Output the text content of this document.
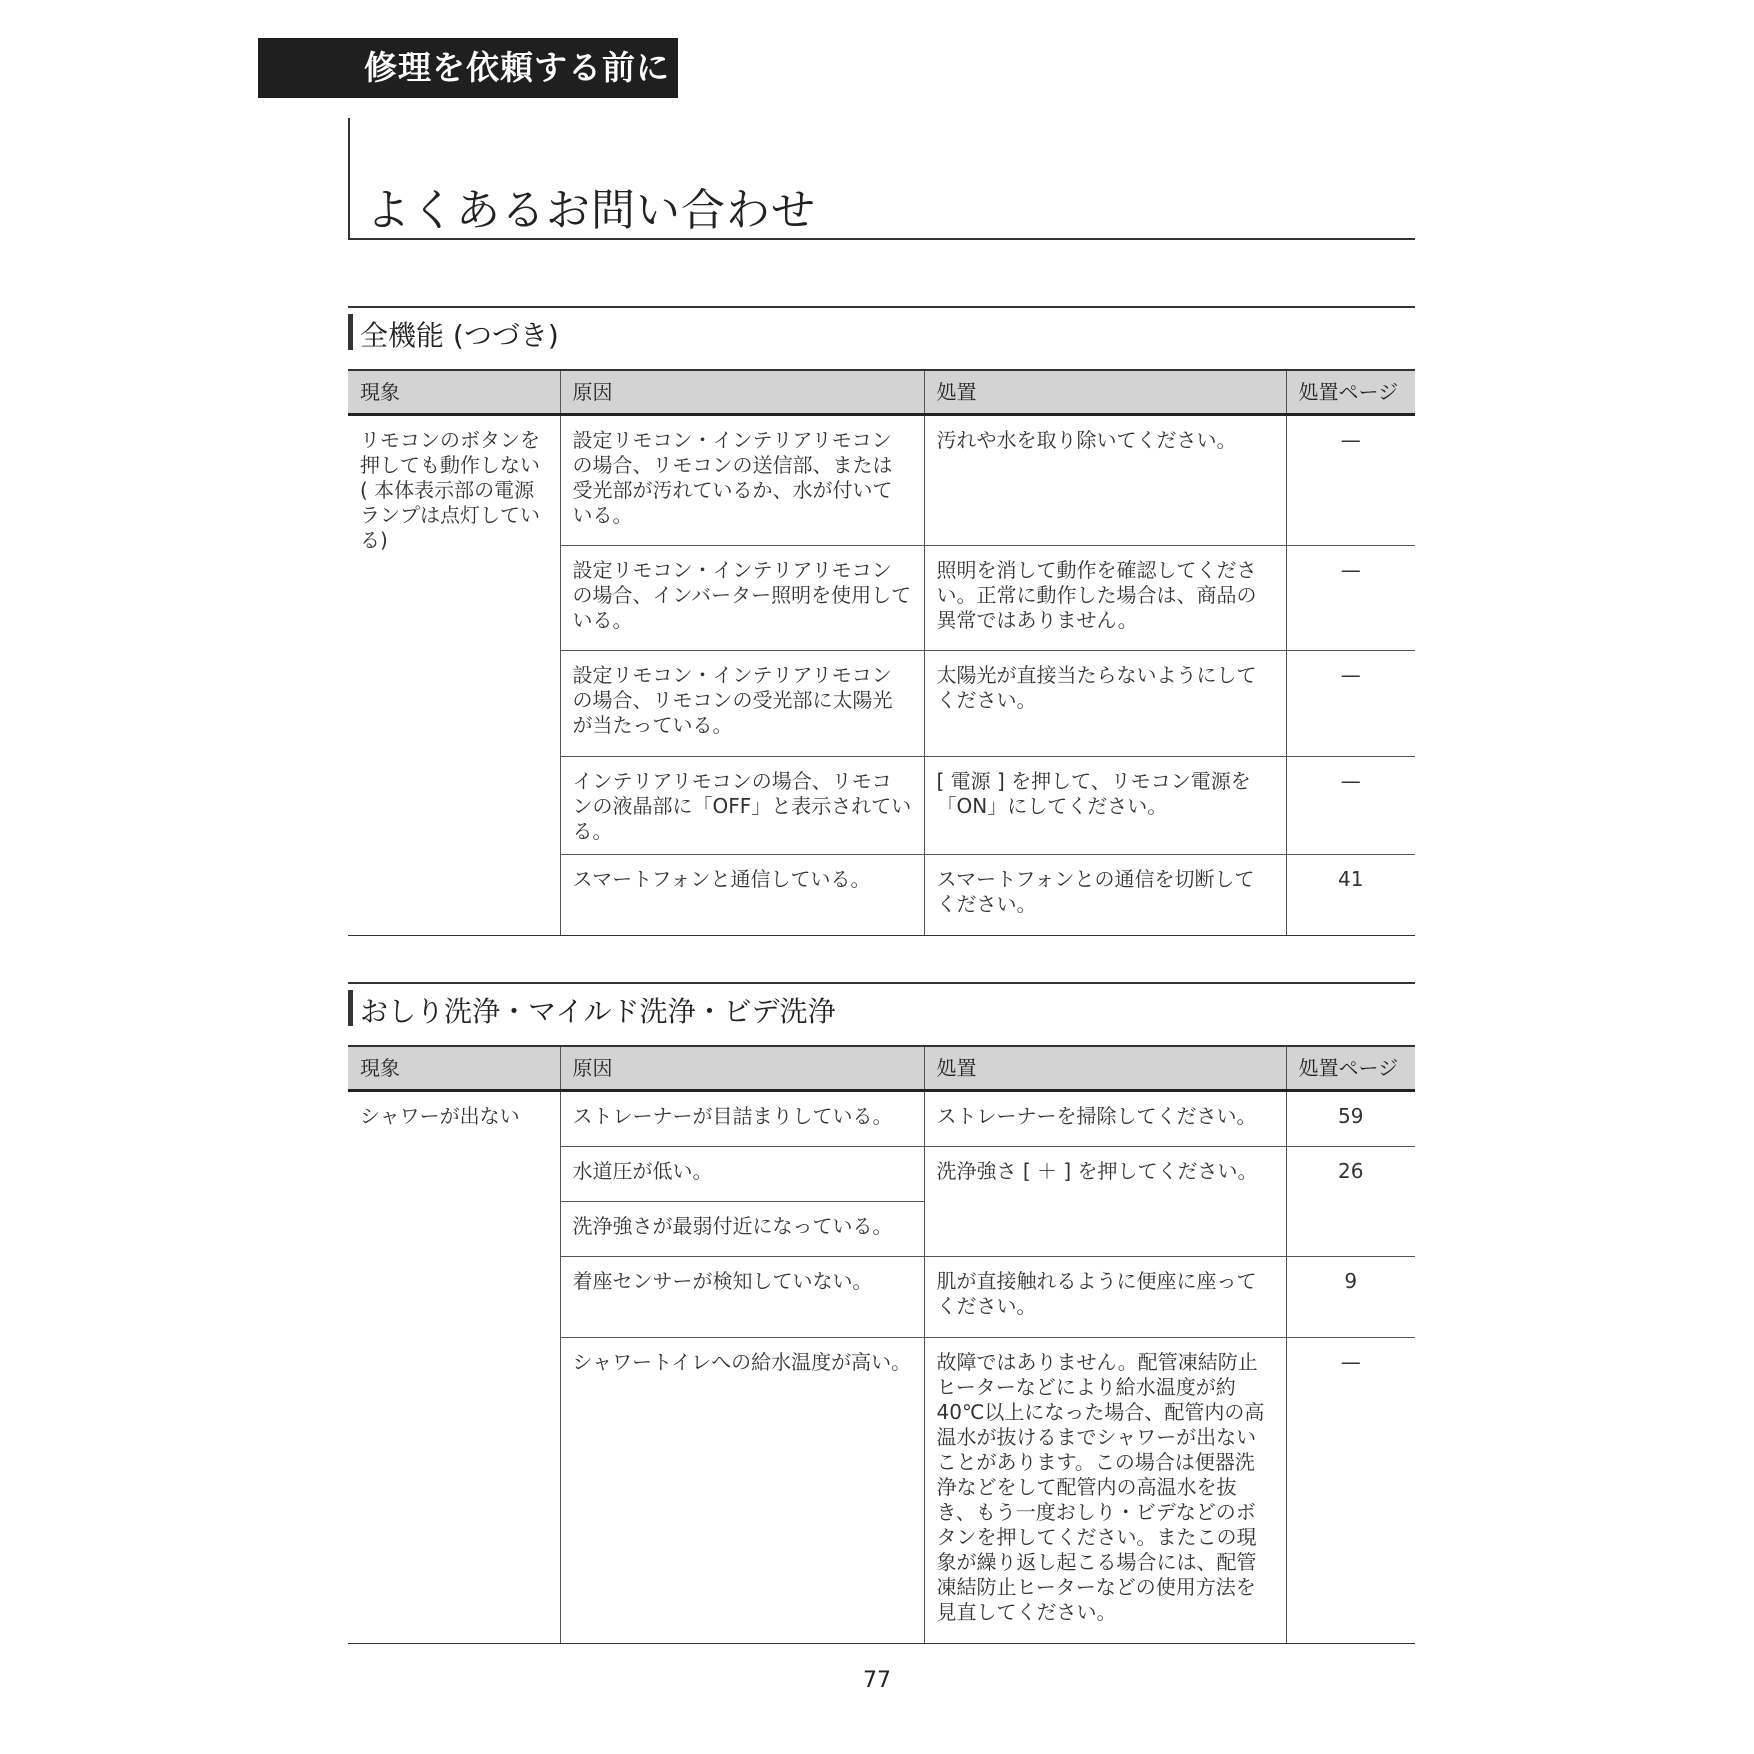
修理を依頼する前に
よくあるお問い合わせ
全機能 (つづき)
現象	原因	処置	処置ページ
リモコンのボタンを押しても動作しない( 本体表示部の電源ランプは点灯している)	設定リモコン・インテリアリモコンの場合、リモコンの送信部、または受光部が汚れているか、水が付いている。	汚れや水を取り除いてください。	—
	設定リモコン・インテリアリモコンの場合、インバーター照明を使用している。	照明を消して動作を確認してください。正常に動作した場合は、商品の異常ではありません。	—
	設定リモコン・インテリアリモコンの場合、リモコンの受光部に太陽光が当たっている。	太陽光が直接当たらないようにしてください。	—
	インテリアリモコンの場合、リモコンの液晶部に「OFF」と表示されている。	[ 電源 ] を押して、リモコン電源を「ON」にしてください。	—
	スマートフォンと通信している。	スマートフォンとの通信を切断してください。	41
おしり洗浄・マイルド洗浄・ビデ洗浄
現象	原因	処置	処置ページ
シャワーが出ない	ストレーナーが目詰まりしている。	ストレーナーを掃除してください。	59
	水道圧が低い。	洗浄強さ [ ＋ ] を押してください。	26
	洗浄強さが最弱付近になっている。		
	着座センサーが検知していない。	肌が直接触れるように便座に座ってください。	9
	シャワートイレへの給水温度が高い。	故障ではありません。配管凍結防止ヒーターなどにより給水温度が約40℃以上になった場合、配管内の高温水が抜けるまでシャワーが出ないことがあります。この場合は便器洗浄などをして配管内の高温水を抜き、もう一度おしり・ビデなどのボタンを押してください。またこの現象が繰り返し起こる場合には、配管凍結防止ヒーターなどの使用方法を見直してください。	—
77
